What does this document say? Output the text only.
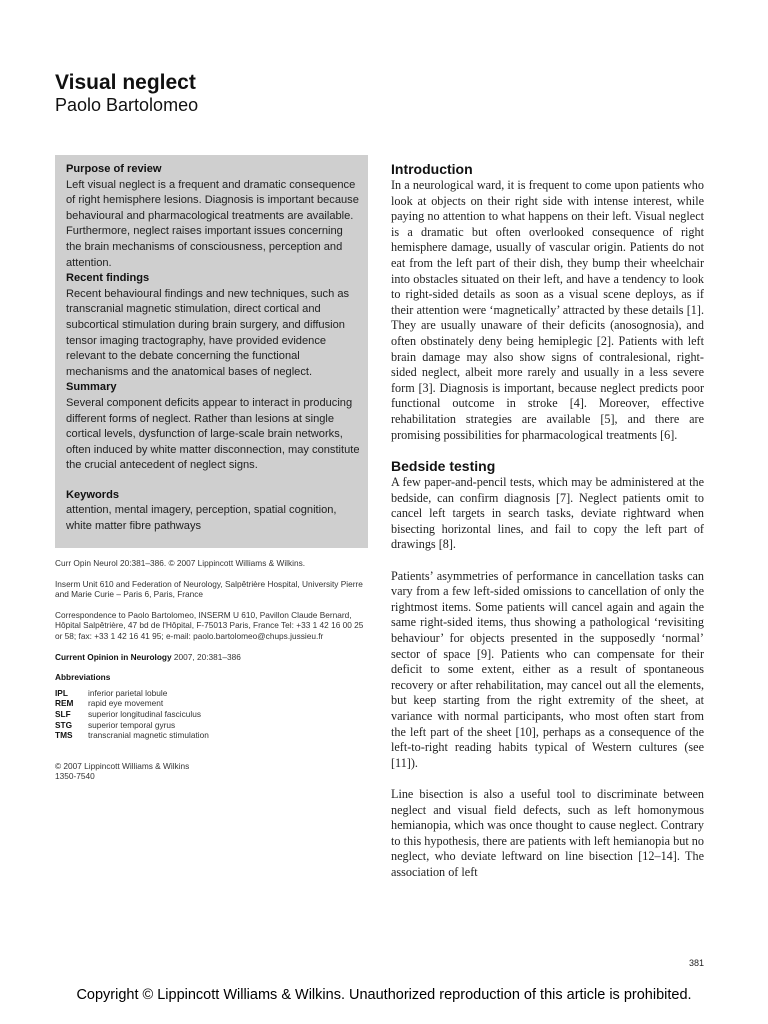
Visual neglect
Paolo Bartolomeo
Purpose of review

Left visual neglect is a frequent and dramatic consequence of right hemisphere lesions. Diagnosis is important because behavioural and pharmacological treatments are available. Furthermore, neglect raises important issues concerning the brain mechanisms of consciousness, perception and attention.

Recent findings

Recent behavioural findings and new techniques, such as transcranial magnetic stimulation, direct cortical and subcortical stimulation during brain surgery, and diffusion tensor imaging tractography, have provided evidence relevant to the debate concerning the functional mechanisms and the anatomical bases of neglect.

Summary

Several component deficits appear to interact in producing different forms of neglect. Rather than lesions at single cortical levels, dysfunction of large-scale brain networks, often induced by white matter disconnection, may constitute the crucial antecedent of neglect signs.

Keywords

attention, mental imagery, perception, spatial cognition, white matter fibre pathways

Curr Opin Neurol 20:381–386. © 2007 Lippincott Williams & Wilkins.

Inserm Unit 610 and Federation of Neurology, Salpêtrière Hospital, University Pierre and Marie Curie – Paris 6, Paris, France

Correspondence to Paolo Bartolomeo, INSERM U 610, Pavillon Claude Bernard, Hôpital Salpêtrière, 47 bd de l'Hôpital, F-75013 Paris, France Tel: +33 1 42 16 00 25 or 58; fax: +33 1 42 16 41 95; e-mail: paolo.bartolomeo@chups.jussieu.fr

Current Opinion in Neurology 2007, 20:381–386

Abbreviations

IPL	inferior parietal lobule
REM	rapid eye movement
SLF	superior longitudinal fasciculus
STG	superior temporal gyrus
TMS	transcranial magnetic stimulation

© 2007 Lippincott Williams & Wilkins

1350-7540

Introduction

In a neurological ward, it is frequent to come upon patients who look at objects on their right side with intense interest, while paying no attention to what happens on their left. Visual neglect is a dramatic but often overlooked consequence of right hemisphere damage, usually of vascular origin. Patients do not eat from the left part of their dish, they bump their wheelchair into obstacles situated on their left, and have a tendency to look to right-sided details as soon as a visual scene deploys, as if their attention were ‘magnetically’ attracted by these details [1]. They are usually unaware of their deficits (anosognosia), and often obstinately deny being hemiplegic [2]. Patients with left brain damage may also show signs of contralesional, right-sided neglect, albeit more rarely and usually in a less severe form [3]. Diagnosis is important, because neglect predicts poor functional outcome in stroke [4]. Moreover, effective rehabilitation strategies are available [5], and there are promising possibilities for pharmacological treatments [6].

Bedside testing

A few paper-and-pencil tests, which may be administered at the bedside, can confirm diagnosis [7]. Neglect patients omit to cancel left targets in search tasks, deviate rightward when bisecting horizontal lines, and fail to copy the left part of drawings [8].

Patients’ asymmetries of performance in cancellation tasks can vary from a few left-sided omissions to cancellation of only the rightmost items. Some patients will cancel again and again the same right-sided items, thus showing a pathological ‘revisiting behaviour’ for objects presented in the supposedly ‘normal’ sector of space [9]. Patients who can compensate for their deficit to some extent, either as a result of spontaneous recovery or after rehabilitation, may cancel out all the elements, but keep starting from the right extremity of the sheet, at variance with normal participants, who most often start from the left part of the sheet [10], perhaps as a consequence of the left-to-right reading habits typical of Western cultures (see [11]).

Line bisection is also a useful tool to discriminate between neglect and visual field defects, such as left homonymous hemianopia, which was once thought to cause neglect. Contrary to this hypothesis, there are patients with left hemianopia but no neglect, who deviate leftward on line bisection [12–14]. The association of left

381
Copyright © Lippincott Williams & Wilkins. Unauthorized reproduction of this article is prohibited.
